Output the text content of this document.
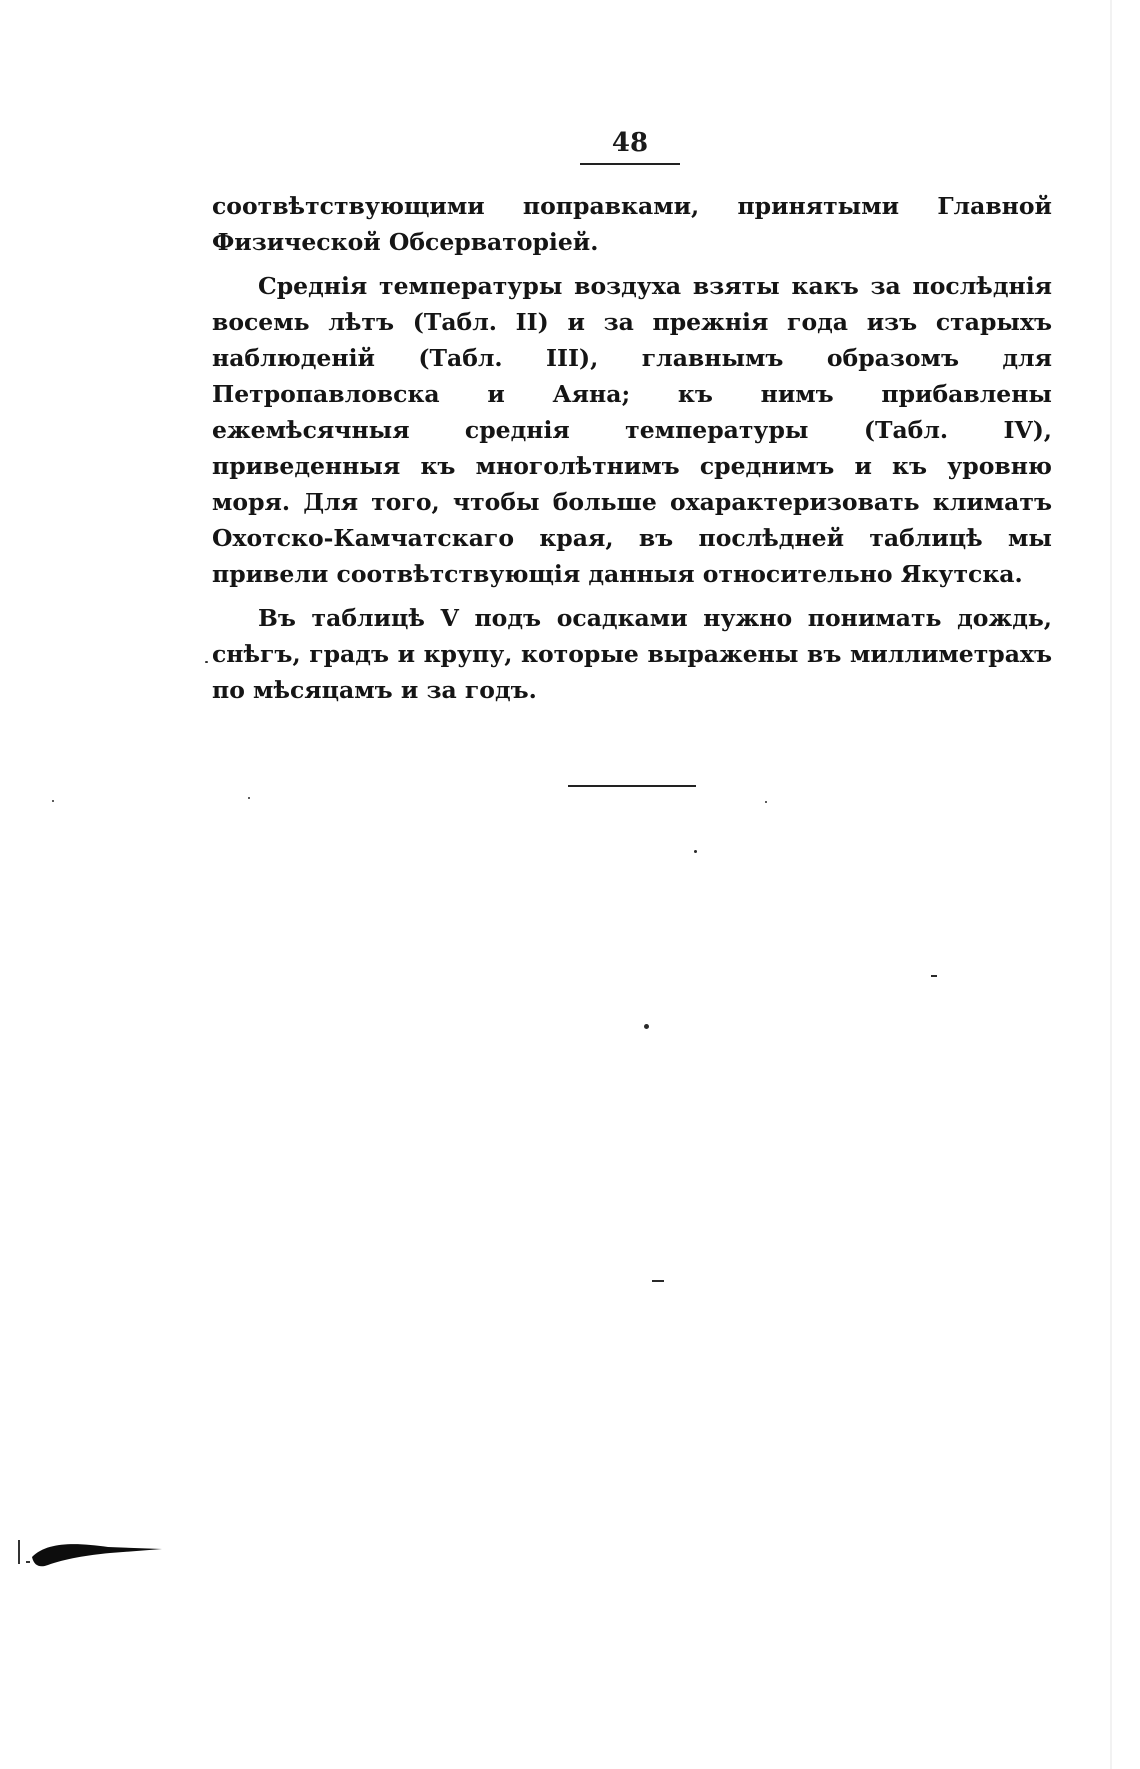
48

соотвѣтствующими поправками, принятыми Главной Физической Обсерваторіей.

Среднія температуры воздуха взяты какъ за послѣднія восемь лѣтъ (Табл. II) и за прежнія года изъ старыхъ наблюденій (Табл. III), главнымъ образомъ для Петропавловска и Аяна; къ нимъ прибавлены ежемѣсячныя среднія температуры (Табл. IV), приведенныя къ многолѣтнимъ среднимъ и къ уровню моря. Для того, чтобы больше охарактеризовать климатъ Охотско-Камчатскаго края, въ послѣдней таблицѣ мы привели соотвѣтствующія данныя относительно Якутска.

Въ таблицѣ V подъ осадками нужно понимать дождь, снѣгъ, градъ и крупу, которые выражены въ миллиметрахъ по мѣсяцамъ и за годъ.
